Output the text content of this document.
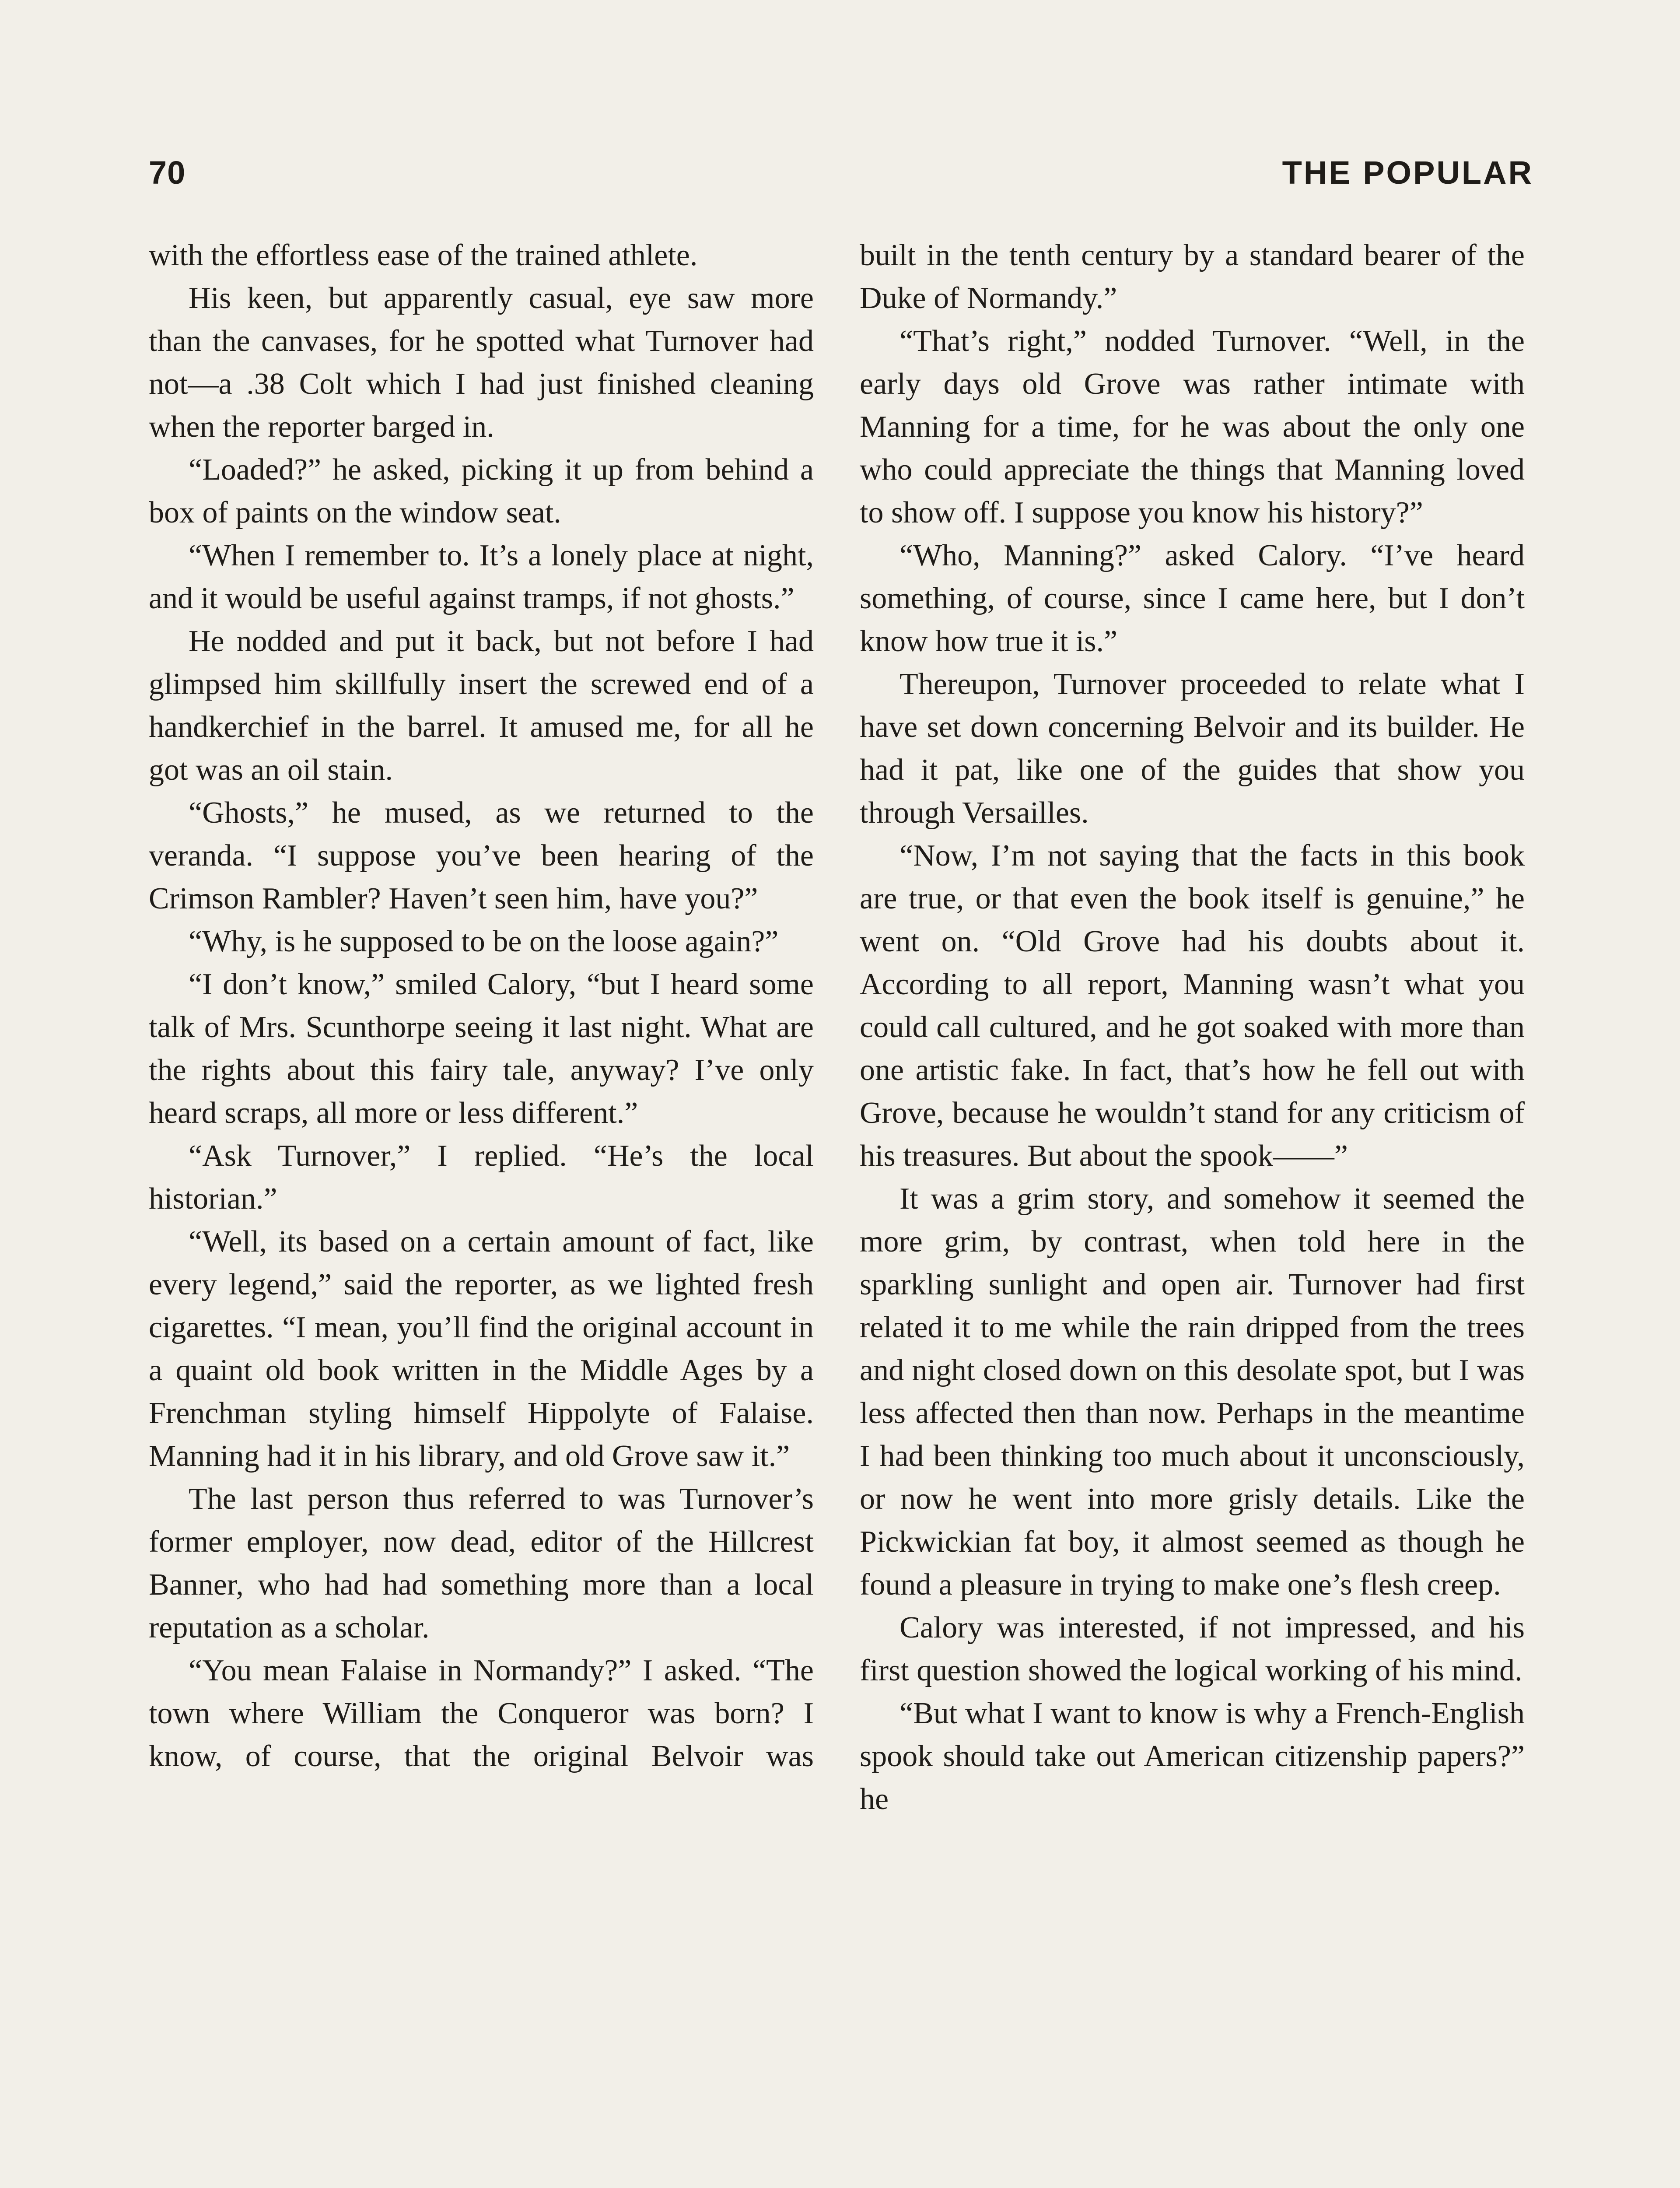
70	THE POPULAR

with the effortless ease of the trained athlete.

His keen, but apparently casual, eye saw more than the canvases, for he spotted what Turnover had not—a .38 Colt which I had just finished cleaning when the reporter barged in.

“Loaded?” he asked, picking it up from behind a box of paints on the window seat.

“When I remember to. It’s a lonely place at night, and it would be useful against tramps, if not ghosts.”

He nodded and put it back, but not before I had glimpsed him skillfully insert the screwed end of a handkerchief in the barrel. It amused me, for all he got was an oil stain.

“Ghosts,” he mused, as we returned to the veranda. “I suppose you’ve been hearing of the Crimson Rambler? Haven’t seen him, have you?”

“Why, is he supposed to be on the loose again?”

“I don’t know,” smiled Calory, “but I heard some talk of Mrs. Scunthorpe seeing it last night. What are the rights about this fairy tale, anyway? I’ve only heard scraps, all more or less different.”

“Ask Turnover,” I replied. “He’s the local historian.”

“Well, its based on a certain amount of fact, like every legend,” said the reporter, as we lighted fresh cigarettes. “I mean, you’ll find the original account in a quaint old book written in the Middle Ages by a Frenchman styling himself Hippolyte of Falaise. Manning had it in his library, and old Grove saw it.”

The last person thus referred to was Turnover’s former employer, now dead, editor of the Hillcrest Banner, who had had something more than a local reputation as a scholar.

“You mean Falaise in Normandy?” I asked. “The town where William the Conqueror was born? I know, of course, that the original Belvoir was

built in the tenth century by a standard bearer of the Duke of Normandy.”

“That’s right,” nodded Turnover. “Well, in the early days old Grove was rather intimate with Manning for a time, for he was about the only one who could appreciate the things that Manning loved to show off. I suppose you know his history?”

“Who, Manning?” asked Calory. “I’ve heard something, of course, since I came here, but I don’t know how true it is.”

Thereupon, Turnover proceeded to relate what I have set down concerning Belvoir and its builder. He had it pat, like one of the guides that show you through Versailles.

“Now, I’m not saying that the facts in this book are true, or that even the book itself is genuine,” he went on. “Old Grove had his doubts about it. According to all report, Manning wasn’t what you could call cultured, and he got soaked with more than one artistic fake. In fact, that’s how he fell out with Grove, because he wouldn’t stand for any criticism of his treasures. But about the spook——”

It was a grim story, and somehow it seemed the more grim, by contrast, when told here in the sparkling sunlight and open air. Turnover had first related it to me while the rain dripped from the trees and night closed down on this desolate spot, but I was less affected then than now. Perhaps in the meantime I had been thinking too much about it unconsciously, or now he went into more grisly details. Like the Pickwickian fat boy, it almost seemed as though he found a pleasure in trying to make one’s flesh creep.

Calory was interested, if not impressed, and his first question showed the logical working of his mind.

“But what I want to know is why a French-English spook should take out American citizenship papers?” he
